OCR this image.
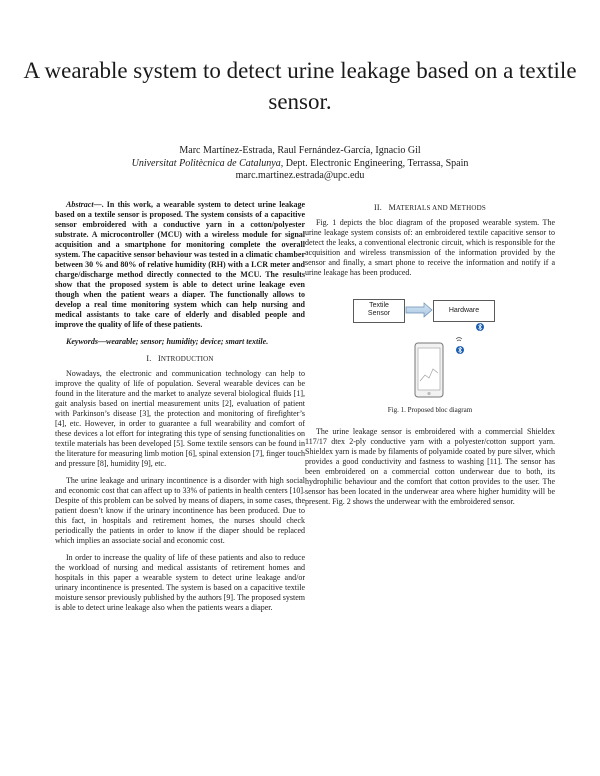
A wearable system to detect urine leakage based on a textile sensor.
Marc Martínez-Estrada, Raul Fernández-García, Ignacio Gil
Universitat Politècnica de Catalunya, Dept. Electronic Engineering, Terrassa, Spain
marc.martinez.estrada@upc.edu

Abstract—. In this work, a wearable system to detect urine leakage based on a textile sensor is proposed. The system consists of a capacitive sensor embroidered with a conductive yarn in a cotton/polyester substrate. A microcontroller (MCU) with a wireless module for signal acquisition and a smartphone for monitoring complete the overall system. The capacitive sensor behaviour was tested in a climatic chamber between 30 % and 80% of relative humidity (RH) with a LCR meter and charge/discharge method directly connected to the MCU. The results show that the proposed system is able to detect urine leakage even though when the patient wears a diaper. The functionally allows to develop a real time monitoring system which can help nursing and medical assistants to take care of elderly and disabled people and improve the quality of life of these patients.

Keywords—wearable; sensor; humidity; device; smart textile.

I. INTRODUCTION

Nowadays, the electronic and communication technology can help to improve the quality of life of population. Several wearable devices can be found in the literature and the market to analyze several biological fluids [1], gait analysis based on inertial measurement units [2], evaluation of patient with Parkinson’s disease [3], the protection and monitoring of firefighter’s [4], etc. However, in order to guarantee a full wearability and comfort of these devices a lot effort for integrating this type of sensing functionalities on textile materials has been developed [5]. Some textile sensors can be found in the literature for measuring limb motion [6], spinal extension [7], finger touch and pressure [8], humidity [9], etc.

The urine leakage and urinary incontinence is a disorder with high social and economic cost that can affect up to 33% of patients in health centers [10]. Despite of this problem can be solved by means of diapers, in some cases, the patient doesn’t know if the urinary incontinence has been produced. Due to this fact, in hospitals and retirement homes, the nurses should check periodically the patients in order to know if the diaper should be replaced which implies an associate social and economic cost.

In order to increase the quality of life of these patients and also to reduce the workload of nursing and medical assistants of retirement homes and hospitals in this paper a wearable system to detect urine leakage and/or urinary incontinence is presented. The system is based on a capacitive textile moisture sensor previously published by the authors [9]. The proposed system is able to detect urine leakage also when the patients wears a diaper.

II. MATERIALS AND METHODS

Fig. 1 depicts the bloc diagram of the proposed wearable system. The urine leakage system consists of: an embroidered textile capacitive sensor to detect the leaks, a conventional electronic circuit, which is responsible for the acquisition and wireless transmission of the information provided by the sensor and finally, a smart phone to receive the information and notify if a urine leakage has been produced.

Textile
Sensor	Hardware
Fig. 1. Proposed bloc diagram

The urine leakage sensor is embroidered with a commercial Shieldex 117/17 dtex 2-ply conductive yarn with a polyester/cotton support yarn. Shieldex yarn is made by filaments of polyamide coated by pure silver, which provides a good conductivity and fastness to washing [11]. The sensor has been embroidered on a commercial cotton underwear due to both, its hydrophilic behaviour and the comfort that cotton provides to the user. The sensor has been located in the underwear area where higher humidity will be present. Fig. 2 shows the underwear with the embroidered sensor.
